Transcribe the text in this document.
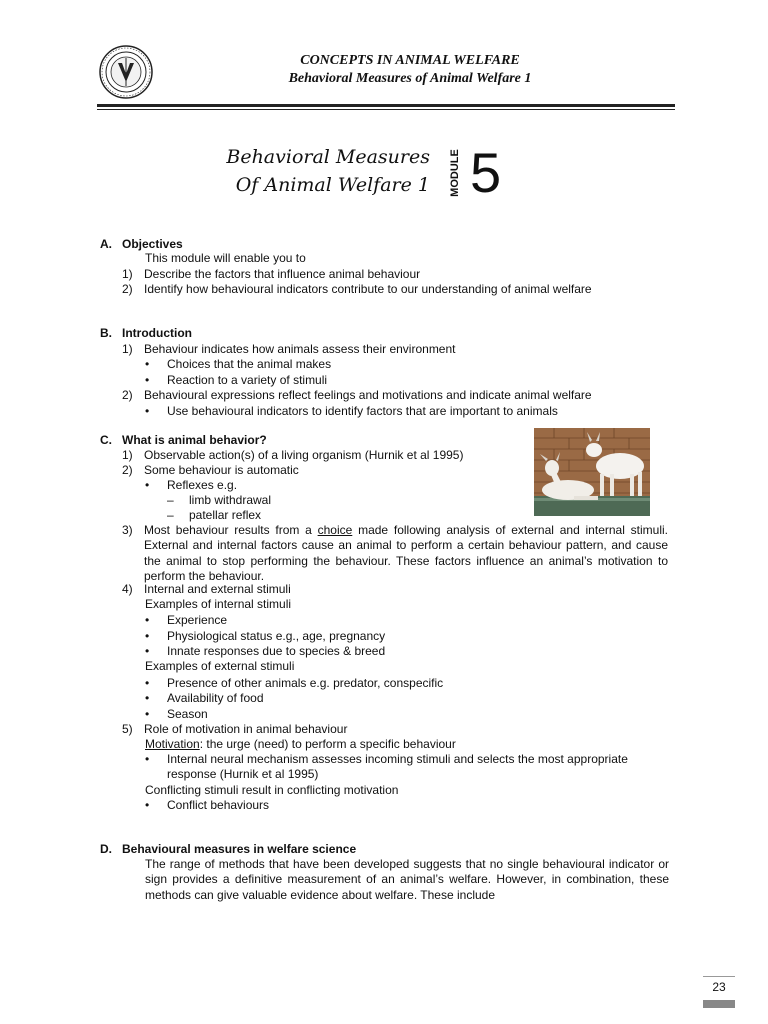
CONCEPTS IN ANIMAL WELFARE
Behavioral Measures of Animal Welfare 1
Behavioral Measures
Of Animal Welfare 1 MODULE 5
A. Objectives
This module will enable you to
1) Describe the factors that influence animal behaviour
2) Identify how behavioural indicators contribute to our understanding of animal welfare
B. Introduction
1) Behaviour indicates how animals assess their environment
• Choices that the animal makes
• Reaction to a variety of stimuli
2) Behavioural expressions reflect feelings and motivations and indicate animal welfare
• Use behavioural indicators to identify factors that are important to animals
C. What is animal behavior?
1) Observable action(s) of a living organism (Hurnik et al 1995)
2) Some behaviour is automatic
• Reflexes e.g.
– limb withdrawal
– patellar reflex
3) Most behaviour results from a choice made following analysis of external and internal stimuli. External and internal factors cause an animal to perform a certain behaviour pattern, and cause the animal to stop performing the behaviour. These factors influence an animal’s motivation to perform the behaviour.
4) Internal and external stimuli
Examples of internal stimuli
• Experience
• Physiological status e.g., age, pregnancy
• Innate responses due to species & breed
Examples of external stimuli
• Presence of other animals e.g. predator, conspecific
• Availability of food
• Season
5) Role of motivation in animal behaviour
Motivation: the urge (need) to perform a specific behaviour
• Internal neural mechanism assesses incoming stimuli and selects the most appropriate response (Hurnik et al 1995)
Conflicting stimuli result in conflicting motivation
• Conflict behaviours
D. Behavioural measures in welfare science
The range of methods that have been developed suggests that no single behavioural indicator or sign provides a definitive measurement of an animal’s welfare. However, in combination, these methods can give valuable evidence about welfare. These include
23
